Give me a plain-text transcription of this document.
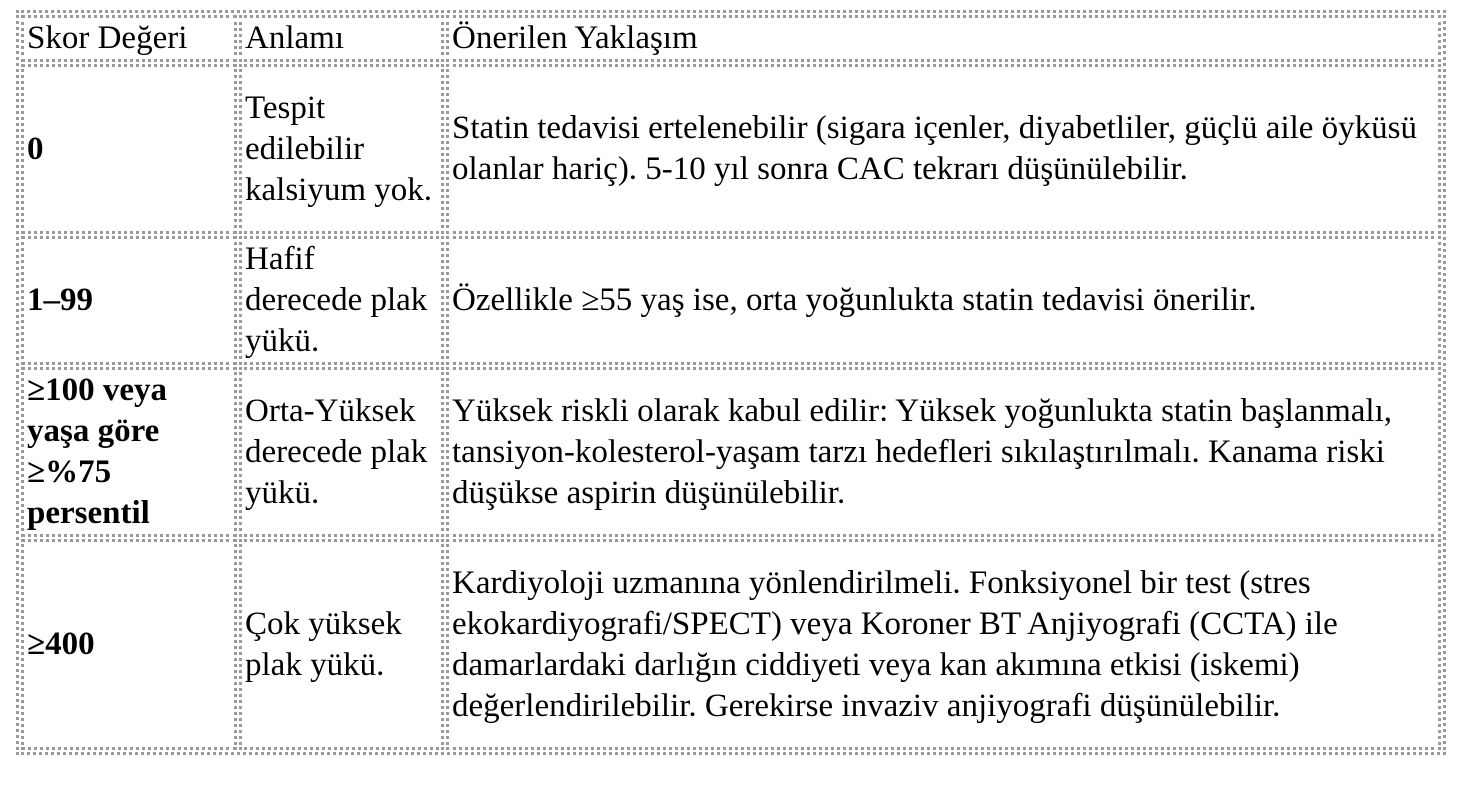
Skor Değeri	Anlamı	Önerilen Yaklaşım
0	Tespit edilebilir kalsiyum yok.	Statin tedavisi ertelenebilir (sigara içenler, diyabetliler, güçlü aile öyküsü olanlar hariç). 5-10 yıl sonra CAC tekrarı düşünülebilir.
1–99	Hafif derecede plak yükü.	Özellikle ≥55 yaş ise, orta yoğunlukta statin tedavisi önerilir.
≥100 veya yaşa göre ≥%75 persentil	Orta-Yüksek derecede plak yükü.	Yüksek riskli olarak kabul edilir: Yüksek yoğunlukta statin başlanmalı, tansiyon-kolesterol-yaşam tarzı hedefleri sıkılaştırılmalı. Kanama riski düşükse aspirin düşünülebilir.
≥400	Çok yüksek plak yükü.	Kardiyoloji uzmanına yönlendirilmeli. Fonksiyonel bir test (stres ekokardiyografi/SPECT) veya Koroner BT Anjiyografi (CCTA) ile damarlardaki darlığın ciddiyeti veya kan akımına etkisi (iskemi) değerlendirilebilir. Gerekirse invaziv anjiyografi düşünülebilir.
